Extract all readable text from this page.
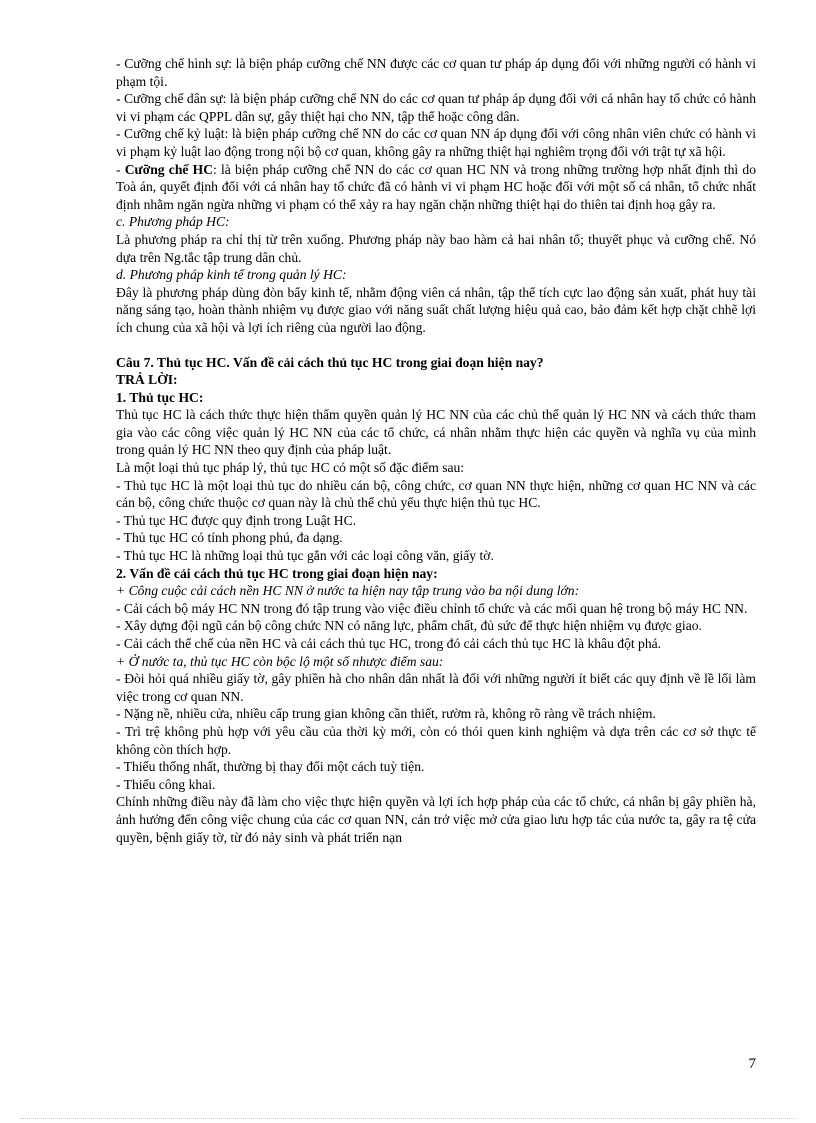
- Cưỡng chế hình sự: là biện pháp cưỡng chế NN được các cơ quan tư pháp áp dụng đối với những người có hành vi phạm tội.

- Cưỡng chế dân sự: là biện pháp cưỡng chế NN do các cơ quan tư pháp áp dụng đối với cá nhân hay tổ chức có hành vi vi phạm các QPPL dân sự, gây thiệt hại cho NN, tập thể hoặc công dân.

- Cưỡng chế kỷ luật: là biện pháp cưỡng chế NN do các cơ quan NN áp dụng đối với công nhân viên chức có hành vi vi phạm kỷ luật lao động trong nội bộ cơ quan, không gây ra những thiệt hại nghiêm trọng đối với trật tự xã hội.

- Cưỡng chế HC: là biện pháp cưỡng chế NN do các cơ quan HC NN và trong những trường hợp nhất định thì do Toà án, quyết định đối với cá nhân hay tổ chức đã có hành vi vi phạm HC hoặc đối với một số cá nhân, tổ chức nhất định nhằm ngăn ngừa những vi phạm có thể xảy ra hay ngăn chặn những thiệt hại do thiên tai định hoạ gây ra.

c. Phương pháp HC:

Là phương pháp ra chỉ thị từ trên xuống. Phương pháp này bao hàm cả hai nhân tố; thuyết phục và cưỡng chế. Nó dựa trên Ng.tắc tập trung dân chủ.

d. Phương pháp kinh tế trong quản lý HC:

Đây là phương pháp dùng đòn bẩy kinh tế, nhằm động viên cá nhân, tập thể tích cực lao động sản xuất, phát huy tài năng sáng tạo, hoàn thành nhiệm vụ được giao với năng suất chất lượng hiệu quả cao, bảo đảm kết hợp chặt chhẽ lợi ích chung của xã hội và lợi ích riêng của người lao động.

Câu 7. Thủ tục HC. Vấn đề cải cách thủ tục HC trong giai đoạn hiện nay?

TRẢ LỜI:

1. Thủ tục HC:

Thủ tục HC là cách thức thực hiện thẩm quyền quản lý HC NN của các chủ thể quản lý HC NN và cách thức tham gia vào các công việc quản lý HC NN của các tổ chức, cá nhân nhằm thực hiện các quyền và nghĩa vụ của mình trong quản lý HC NN theo quy định của pháp luật.

Là một loại thủ tục pháp lý, thủ tục HC có một số đặc điểm sau:

- Thủ tục HC là một loại thủ tục do nhiều cán bộ, công chức, cơ quan NN thực hiện, những cơ quan HC NN và các cán bộ, công chức thuộc cơ quan này là chủ thể chủ yếu thực hiện thủ tục HC.

- Thủ tục HC được quy định trong Luật HC.

- Thủ tục HC có tính phong phú, đa dạng.

- Thủ tục HC là những loại thủ tục gắn với các loại công văn, giấy tờ.

2. Vấn đề cải cách thủ tục HC trong giai đoạn hiện nay:

+ Công cuộc cải cách nền HC NN ở nước ta hiện nay tập trung vào ba nội dung lớn:

- Cải cách bộ máy HC NN trong đó tập trung vào việc điều chỉnh tổ chức và các mối quan hệ trong bộ máy HC NN.

- Xây dựng đội ngũ cán bộ công chức NN có năng lực, phẩm chất, đủ sức để thực hiện nhiệm vụ được giao.

- Cải cách thể chế của nền HC và cải cách thủ tục HC, trong đó cải cách thủ tục HC là khâu đột phá.

+ Ở nước ta, thủ tục HC còn bộc lộ một số nhược điểm sau:

- Đòi hỏi quá nhiều giấy tờ, gây phiền hà cho nhân dân nhất là đối với những người ít biết các quy định về lề lối làm việc trong cơ quan NN.

- Nặng nề, nhiều cửa, nhiều cấp trung gian không cần thiết, rườm rà, không rõ ràng về trách nhiệm.

- Trì trệ không phù hợp với yêu cầu của thời kỳ mới, còn có thói quen kinh nghiệm và dựa trên các cơ sở thực tế không còn thích hợp.

- Thiếu thống nhất, thường bị thay đổi một cách tuỳ tiện.

- Thiếu công khai.

Chính những điều này đã làm cho việc thực hiện quyền và lợi ích hợp pháp của các tổ chức, cá nhân bị gây phiền hà, ảnh hưởng đến công việc chung của các cơ quan NN, cản trở việc mở cửa giao lưu hợp tác của nước ta, gây ra tệ cửa quyền, bệnh giấy tờ, từ đó nảy sinh và phát triển nạn

7
